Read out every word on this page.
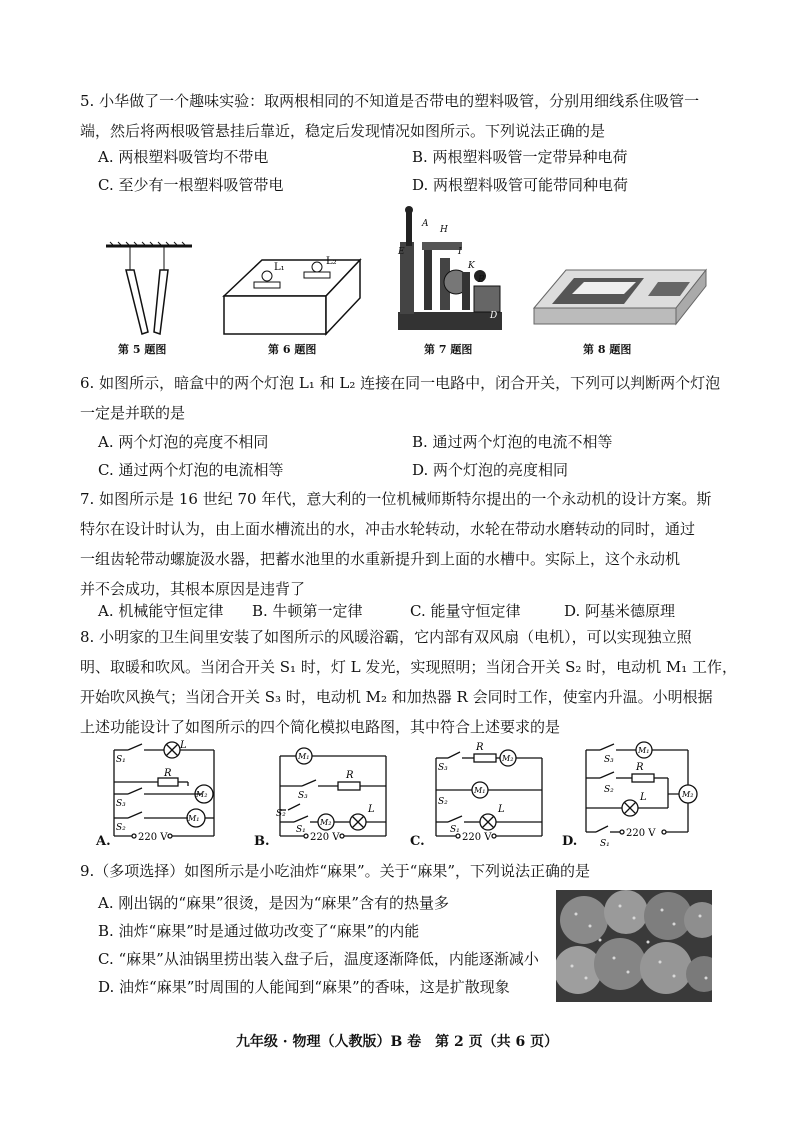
5. 小华做了一个趣味实验：取两根相同的不知道是否带电的塑料吸管，分别用细线系住吸管一
端，然后将两根吸管悬挂后靠近，稳定后发现情况如图所示。下列说法正确的是
A. 两根塑料吸管均不带电	B. 两根塑料吸管一定带异种电荷
C. 至少有一根塑料吸管带电	D. 两根塑料吸管可能带同种电荷
第 5 题图
L₁
L₂
第 6 题图
A
H
E	I
K
B
D
第 7 题图	第 8 题图
6. 如图所示，暗盒中的两个灯泡 L₁ 和 L₂ 连接在同一电路中，闭合开关，下列可以判断两个灯泡
一定是并联的是
A. 两个灯泡的亮度不相同	B. 通过两个灯泡的电流不相等
C. 通过两个灯泡的电流相等	D. 两个灯泡的亮度相同
7. 如图所示是 16 世纪 70 年代，意大利的一位机械师斯特尔提出的一个永动机的设计方案。斯
特尔在设计时认为，由上面水槽流出的水，冲击水轮转动，水轮在带动水磨转动的同时，通过
一组齿轮带动螺旋汲水器，把蓄水池里的水重新提升到上面的水槽中。实际上，这个永动机
并不会成功，其根本原因是违背了
A. 机械能守恒定律 B. 牛顿第一定律	C. 能量守恒定律	D. 阿基米德原理
8. 小明家的卫生间里安装了如图所示的风暖浴霸，它内部有双风扇（电机），可以实现独立照
明、取暖和吹风。当闭合开关 S₁ 时，灯 L 发光，实现照明；当闭合开关 S₂ 时，电动机 M₁ 工作，
开始吹风换气；当闭合开关 S₃ 时，电动机 M₂ 和加热器 R 会同时工作，使室内升温。小明根据
上述功能设计了如图所示的四个简化模拟电路图，其中符合上述要求的是
L
S₁
R
M₂
S₃
M₁
S₂
220 V
A.
M₁
R
S₃
S₂
M₂
L
S₁
220 V
B.
R
M₂
S₃
M₁
S₂
L
S₁
220 V
C.
M₁
S₃
R
S₂
L	M₂
220 V
S₁
D.
9.（多项选择）如图所示是小吃油炸“麻果”。关于“麻果”，下列说法正确的是
A. 刚出锅的“麻果”很烫，是因为“麻果”含有的热量多
B. 油炸“麻果”时是通过做功改变了“麻果”的内能
C. “麻果”从油锅里捞出装入盘子后，温度逐渐降低，内能逐渐减小
D. 油炸“麻果”时周围的人能闻到“麻果”的香味，这是扩散现象
九年级 · 物理（人教版）B 卷　第 2 页（共 6 页）
